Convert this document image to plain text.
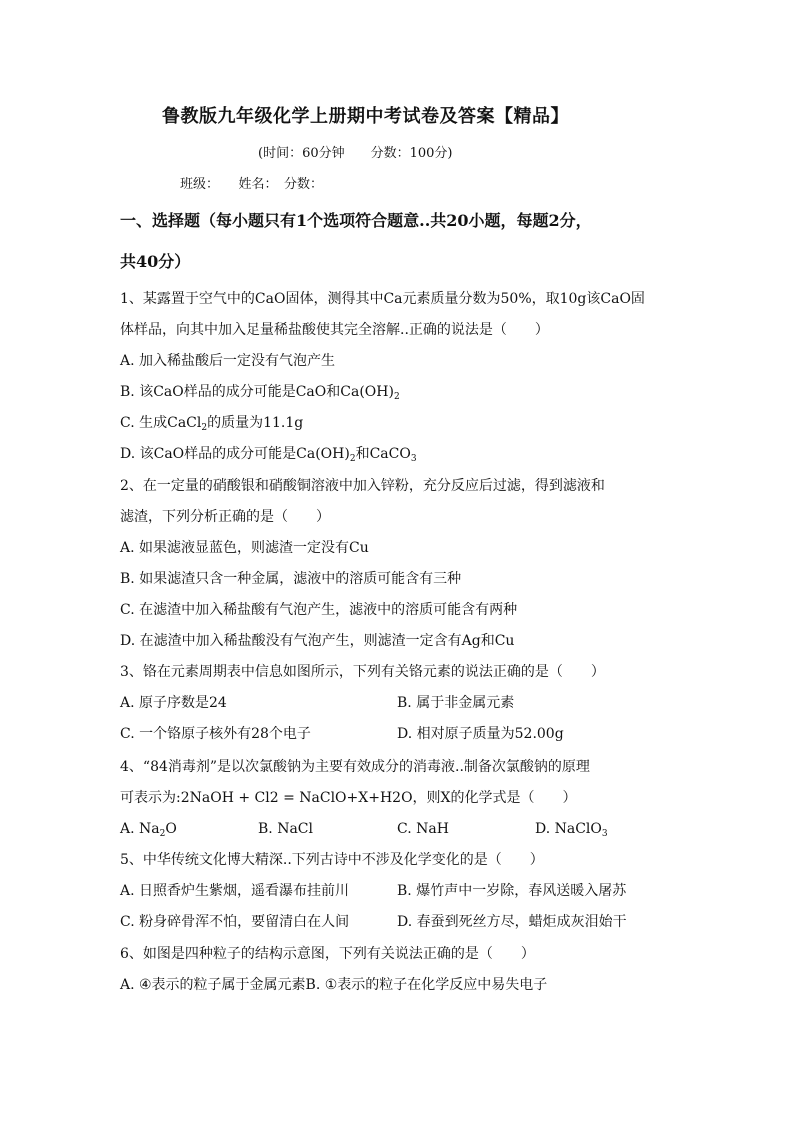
鲁教版九年级化学上册期中考试卷及答案【精品】
(时间：60分钟　　分数：100分)
班级：　　姓名：　分数：
一、选择题（每小题只有1个选项符合题意..共20小题，每题2分，
共40分）
1、某露置于空气中的CaO固体，测得其中Ca元素质量分数为50%，取10g该CaO固
体样品，向其中加入足量稀盐酸使其完全溶解..正确的说法是（　　）
A. 加入稀盐酸后一定没有气泡产生
B. 该CaO样品的成分可能是CaO和$Ca(OH)_2$
C. 生成CaCl$_2$的质量为11.1g
D. 该CaO样品的成分可能是$Ca(OH)_2$和CaCO$_3$
2、在一定量的硝酸银和硝酸铜溶液中加入锌粉，充分反应后过滤，得到滤液和
滤渣，下列分析正确的是（　　）
A. 如果滤液显蓝色，则滤渣一定没有Cu
B. 如果滤渣只含一种金属，滤液中的溶质可能含有三种
C. 在滤渣中加入稀盐酸有气泡产生，滤液中的溶质可能含有两种
D. 在滤渣中加入稀盐酸没有气泡产生，则滤渣一定含有Ag和Cu
3、铬在元素周期表中信息如图所示，下列有关铬元素的说法正确的是（　　）
A. 原子序数是24	B. 属于非金属元素
C. 一个铬原子核外有28个电子	D. 相对原子质量为52.00g
4、“84消毒剂”是以次氯酸钠为主要有效成分的消毒液..制备次氯酸钠的原理
可表示为:2NaOH + Cl2 = NaClO+X+H2O，则X的化学式是（　　）
A. $Na_2O$	B. NaCl	C. NaH	D. NaClO$_3$
5、中华传统文化博大精深..下列古诗中不涉及化学变化的是（　　）
A. 日照香炉生紫烟，遥看瀑布挂前川	B. 爆竹声中一岁除，春风送暖入屠苏
C. 粉身碎骨浑不怕，要留清白在人间	D. 春蚕到死丝方尽，蜡炬成灰泪始干
6、如图是四种粒子的结构示意图，下列有关说法正确的是（　　）
A. ④表示的粒子属于金属元素B. ①表示的粒子在化学反应中易失电子
